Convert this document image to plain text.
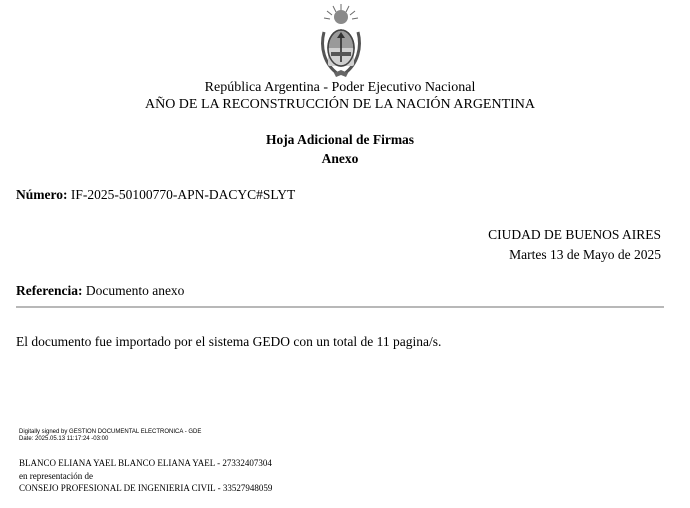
República Argentina - Poder Ejecutivo Nacional
AÑO DE LA RECONSTRUCCIÓN DE LA NACIÓN ARGENTINA
Hoja Adicional de Firmas
Anexo
Número: IF-2025-50100770-APN-DACYC#SLYT
CIUDAD DE BUENOS AIRES
Martes 13 de Mayo de 2025
Referencia: Documento anexo
El documento fue importado por el sistema GEDO con un total de 11 pagina/s.
Digitally signed by GESTION DOCUMENTAL ELECTRONICA - GDE
Date: 2025.05.13 11:17:24 -03:00
BLANCO ELIANA YAEL BLANCO ELIANA YAEL - 27332407304
en representación de
CONSEJO PROFESIONAL DE INGENIERIA CIVIL - 33527948059
